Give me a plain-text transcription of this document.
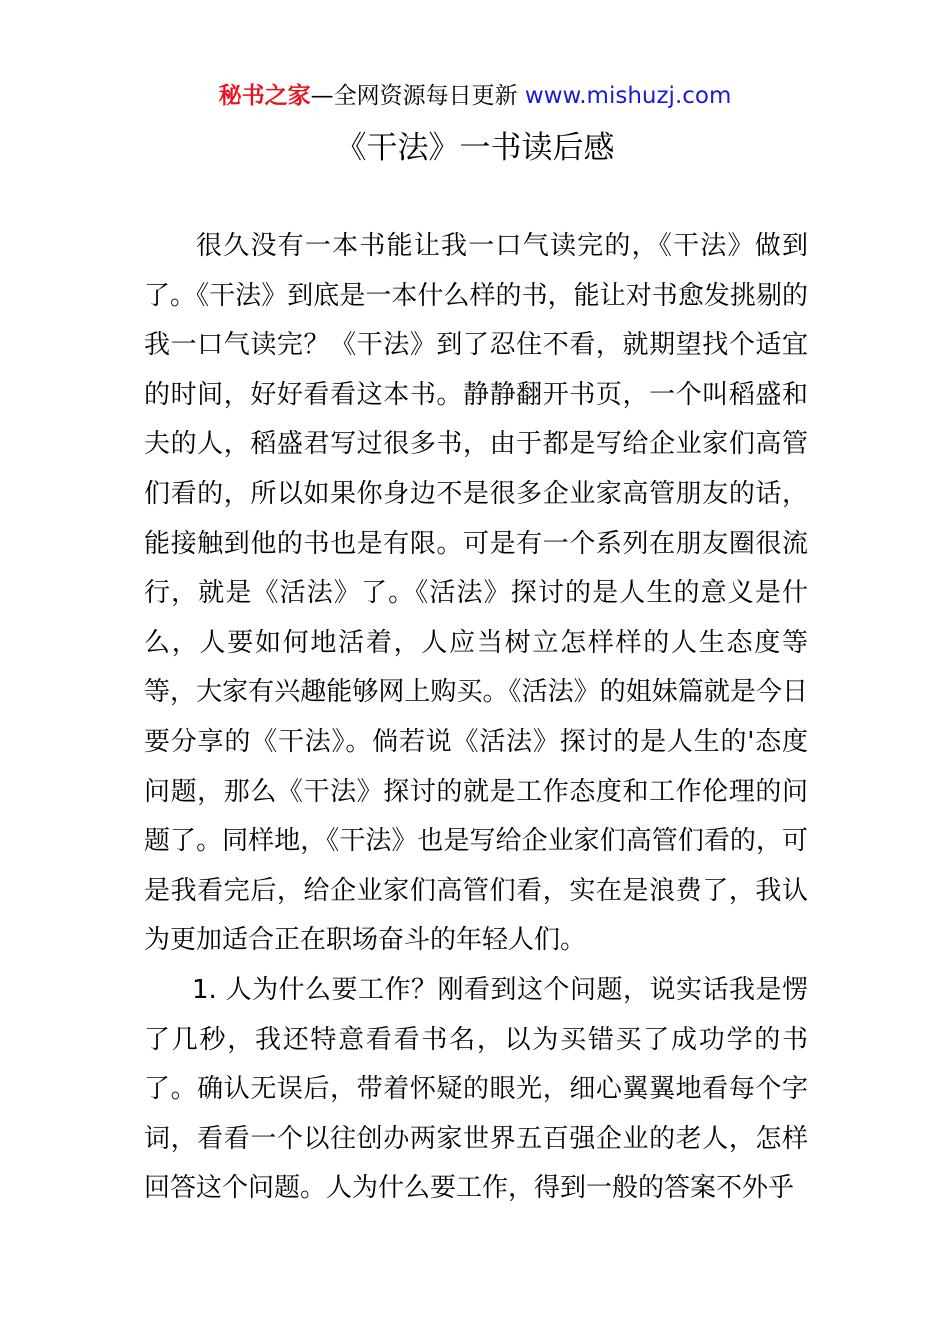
秘书之家—全网资源每日更新 www.mishuzj.com
《干法》一书读后感

很久没有一本书能让我一口气读完的，《干法》做到了。《干法》到底是一本什么样的书，能让对书愈发挑剔的我一口气读完？《干法》到了忍住不看，就期望找个适宜的时间，好好看看这本书。静静翻开书页，一个叫稻盛和夫的人，稻盛君写过很多书，由于都是写给企业家们高管们看的，所以如果你身边不是很多企业家高管朋友的话，能接触到他的书也是有限。可是有一个系列在朋友圈很流行，就是《活法》了。《活法》探讨的是人生的意义是什么，人要如何地活着，人应当树立怎样样的人生态度等等，大家有兴趣能够网上购买。《活法》的姐妹篇就是今日要分享的《干法》。倘若说《活法》探讨的是人生的'态度问题，那么《干法》探讨的就是工作态度和工作伦理的问题了。同样地，《干法》也是写给企业家们高管们看的，可是我看完后，给企业家们高管们看，实在是浪费了，我认为更加适合正在职场奋斗的年轻人们。

1. 人为什么要工作？刚看到这个问题，说实话我是愣了几秒，我还特意看看书名，以为买错买了成功学的书了。确认无误后，带着怀疑的眼光，细心翼翼地看每个字词，看看一个以往创办两家世界五百强企业的老人，怎样回答这个问题。人为什么要工作，得到一般的答案不外乎
